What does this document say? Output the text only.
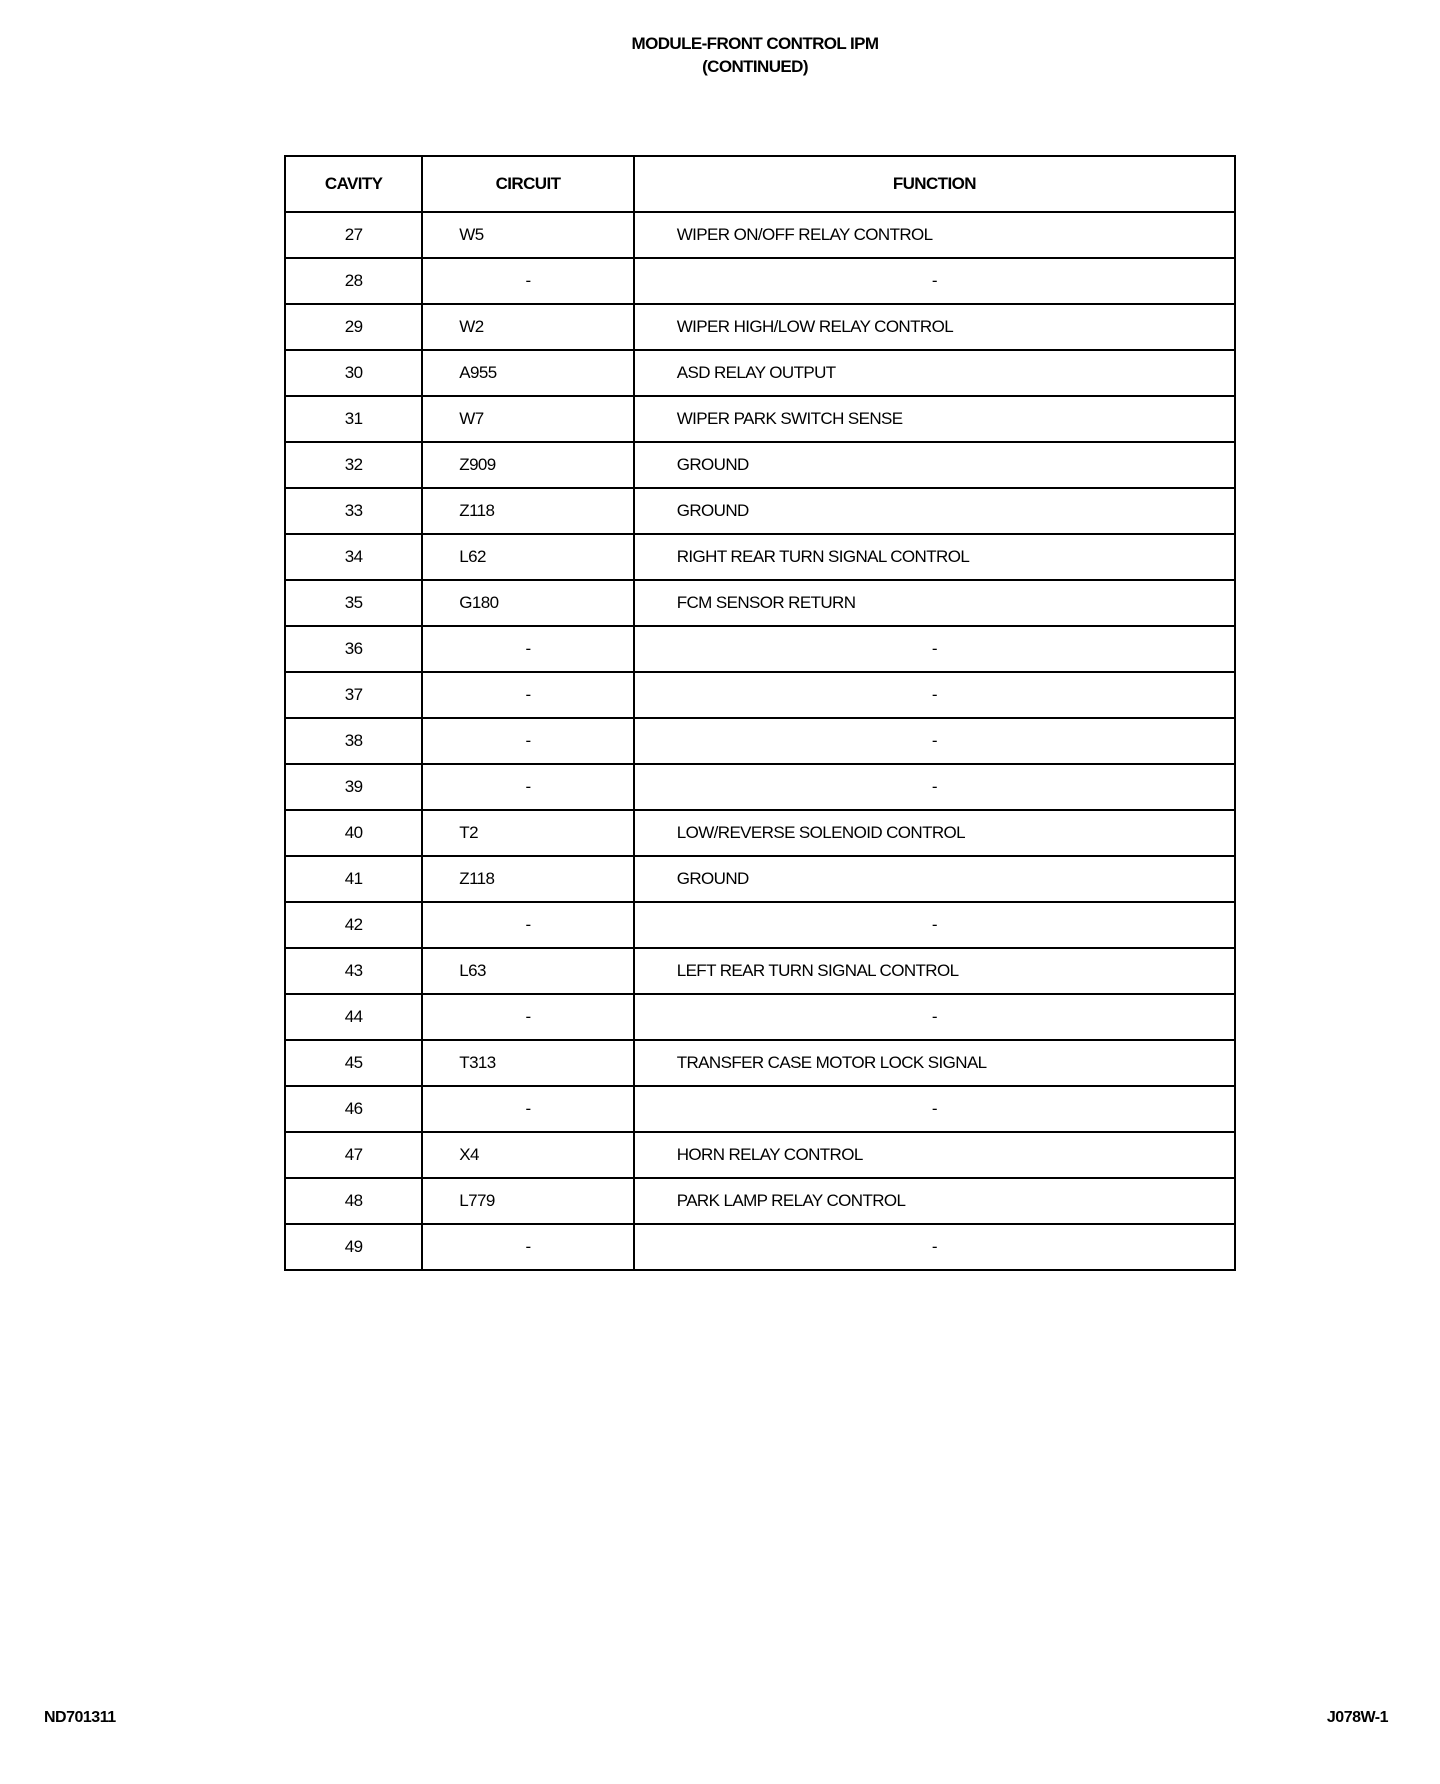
MODULE-FRONT CONTROL IPM
(CONTINUED)
CAVITY	CIRCUIT	FUNCTION
27	W5	WIPER ON/OFF RELAY CONTROL
28	-	-
29	W2	WIPER HIGH/LOW RELAY CONTROL
30	A955	ASD RELAY OUTPUT
31	W7	WIPER PARK SWITCH SENSE
32	Z909	GROUND
33	Z118	GROUND
34	L62	RIGHT REAR TURN SIGNAL CONTROL
35	G180	FCM SENSOR RETURN
36	-	-
37	-	-
38	-	-
39	-	-
40	T2	LOW/REVERSE SOLENOID CONTROL
41	Z118	GROUND
42	-	-
43	L63	LEFT REAR TURN SIGNAL CONTROL
44	-	-
45	T313	TRANSFER CASE MOTOR LOCK SIGNAL
46	-	-
47	X4	HORN RELAY CONTROL
48	L779	PARK LAMP RELAY CONTROL
49	-	-
ND701311	J078W-1
